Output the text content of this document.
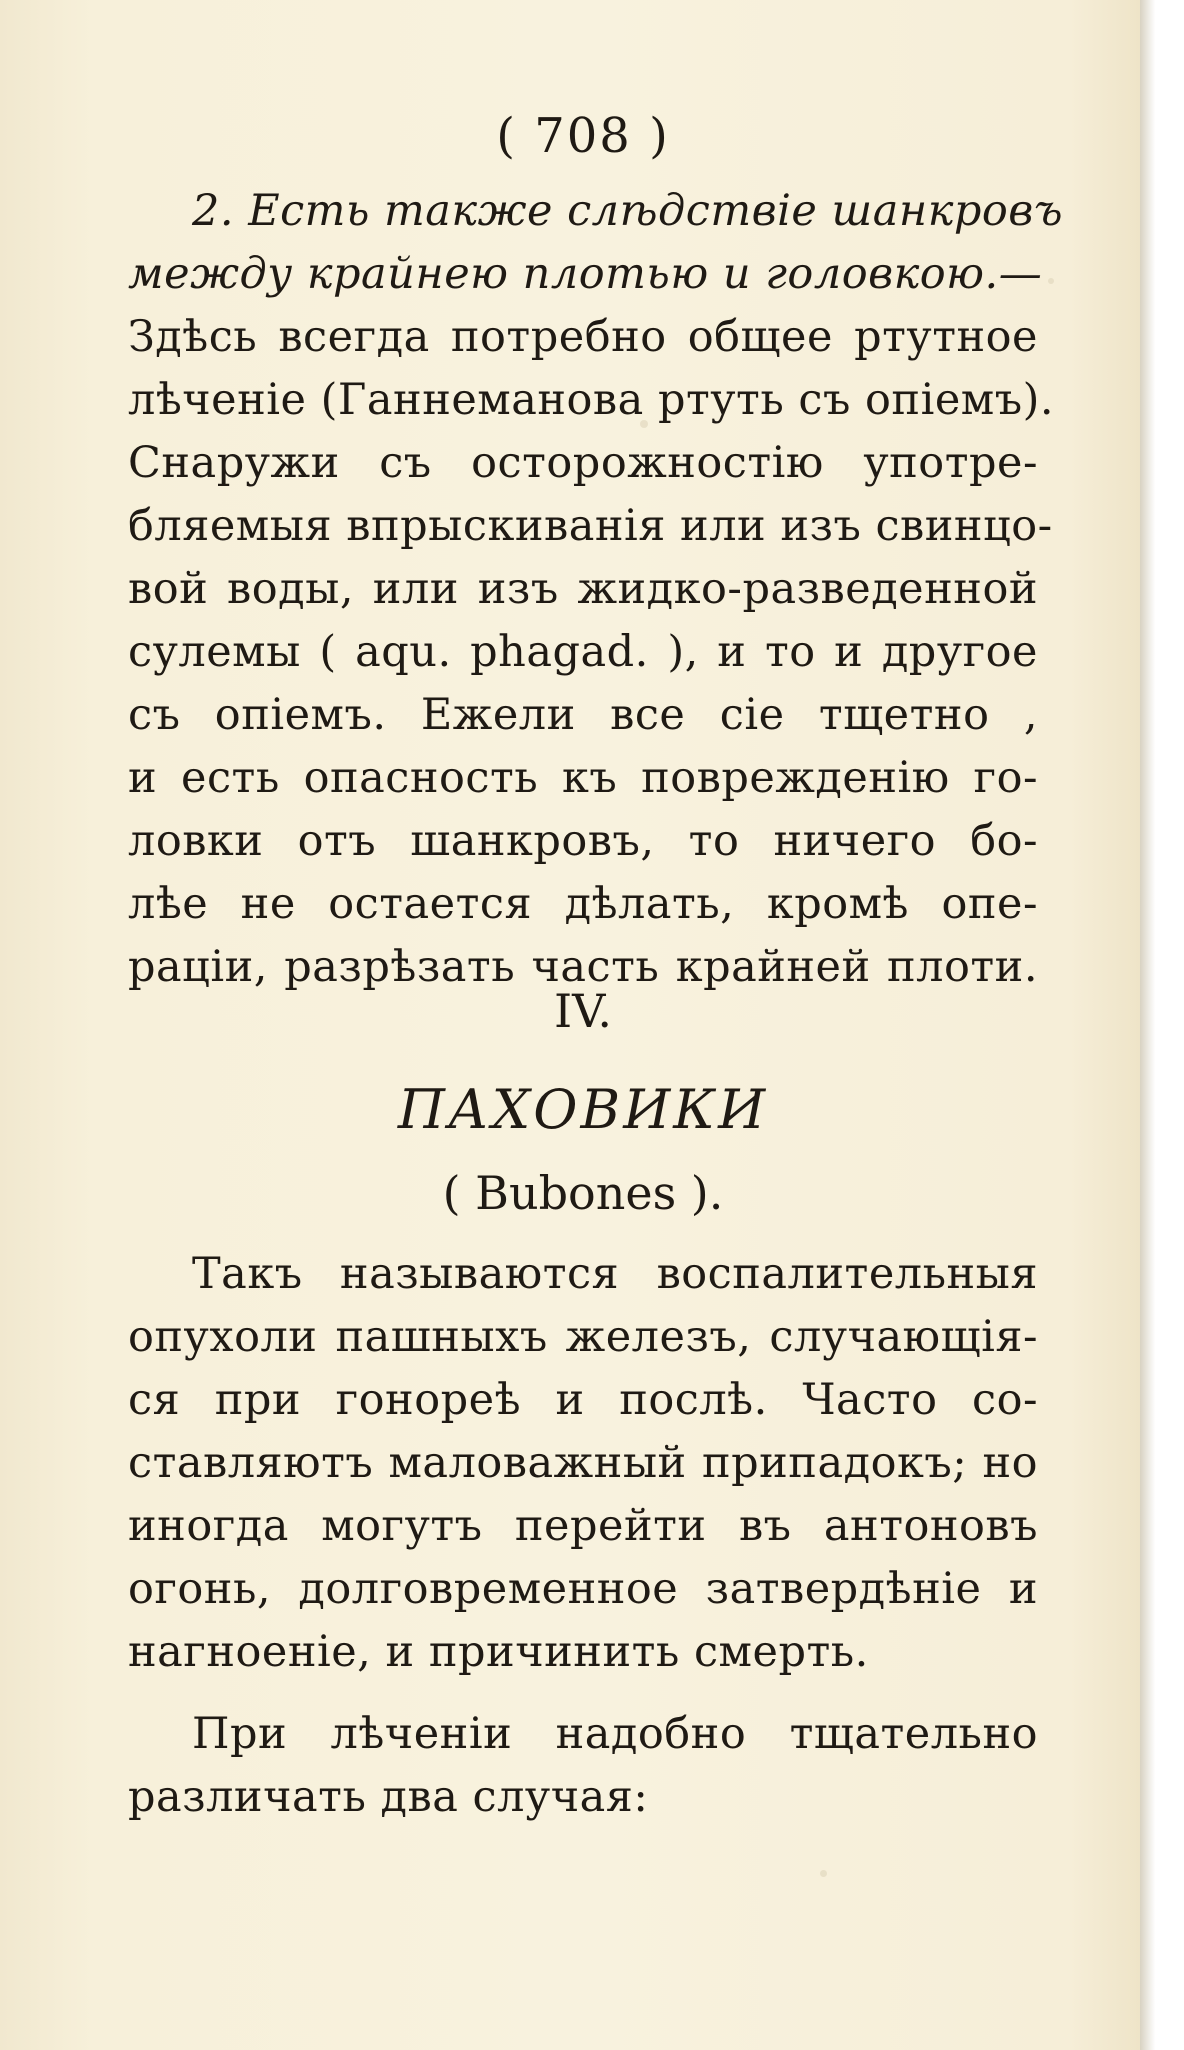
( 708 )
2. Есть также слѣдствiе шанкровъ
между крайнею плотью и головкою.—
Здѣсь всегда потребно общее ртутное
лѣченiе (Ганнеманова ртуть съ опiемъ).
Снаружи съ осторожностiю употре-
бляемыя впрыскиванiя или изъ свинцо-
вой воды, или изъ жидко-разведенной
сулемы ( aqu. phagad. ), и то и другое
съ опiемъ. Ежели все сiе тщетно ,
и есть опасность къ поврежденiю го-
ловки отъ шанкровъ, то ничего бо-
лѣе не остается дѣлать, кромѣ опе-
рацiи, разрѣзать часть крайней плоти.
IV.
ПАХОВИКИ
( Bubones ).
Такъ называются воспалительныя
опухоли пашныхъ железъ, случающiя-
ся при гонореѣ и послѣ. Часто со-
ставляютъ маловажный припадокъ; но
иногда могутъ перейти въ антоновъ
огонь, долговременное затвердѣнiе и
нагноенiе, и причинить смерть.
При лѣченiи надобно тщательно
различать два случая:
